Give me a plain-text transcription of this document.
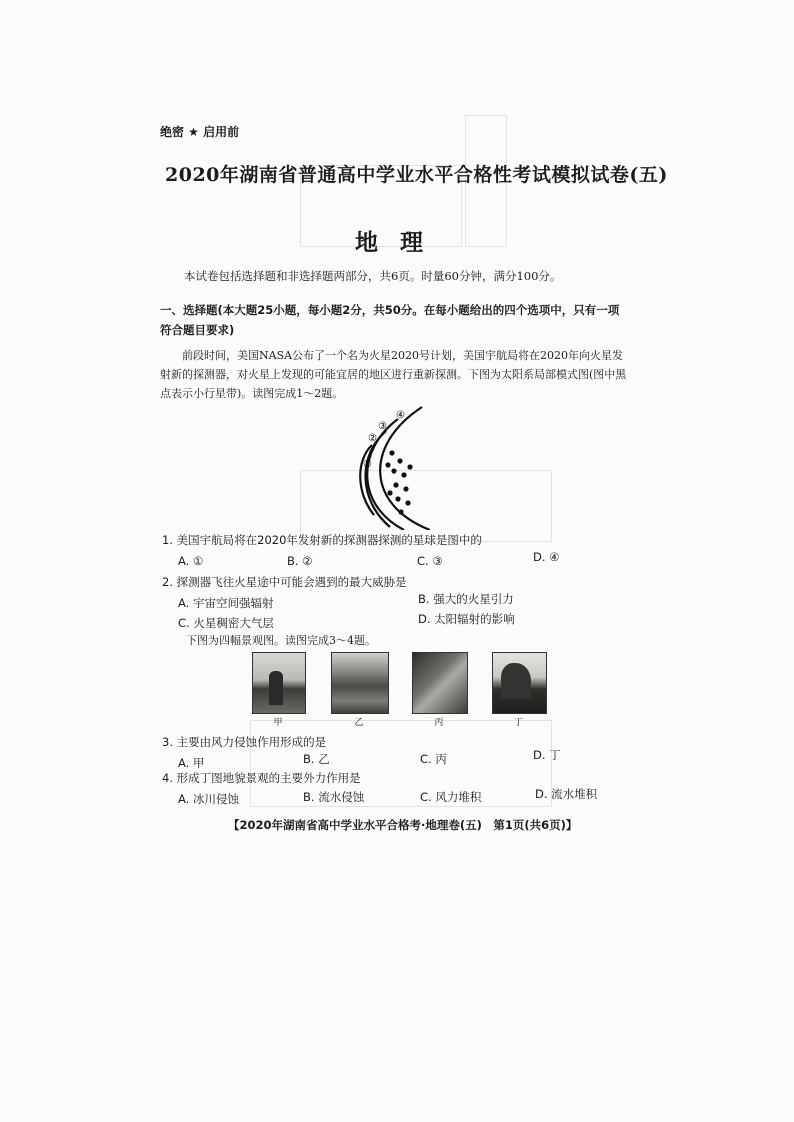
绝密 ★ 启用前
2020年湖南省普通高中学业水平合格性考试模拟试卷(五)
地理
本试卷包括选择题和非选择题两部分，共6页。时量60分钟，满分100分。
一、选择题(本大题25小题，每小题2分，共50分。在每小题给出的四个选项中，只有一项符合题目要求)
前段时间，美国NASA公布了一个名为火星2020号计划，美国宇航局将在2020年向火星发射新的探测器，对火星上发现的可能宜居的地区进行重新探测。下图为太阳系局部模式图(图中黑点表示小行星带)。读图完成1～2题。
①
②
③
④
1. 美国宇航局将在2020年发射新的探测器探测的星球是图中的
A. ①	B. ②	C. ③	D. ④
2. 探测器飞往火星途中可能会遇到的最大威胁是
A. 宇宙空间强辐射	B. 强大的火星引力
C. 火星稠密大气层	D. 太阳辐射的影响
下图为四幅景观图。读图完成3～4题。
甲	乙	丙	丁
3. 主要由风力侵蚀作用形成的是
A. 甲	B. 乙	C. 丙	D. 丁
4. 形成丁图地貌景观的主要外力作用是
A. 冰川侵蚀	B. 流水侵蚀	C. 风力堆积	D. 流水堆积
【2020年湖南省高中学业水平合格考·地理卷(五)　第1页(共6页)】
